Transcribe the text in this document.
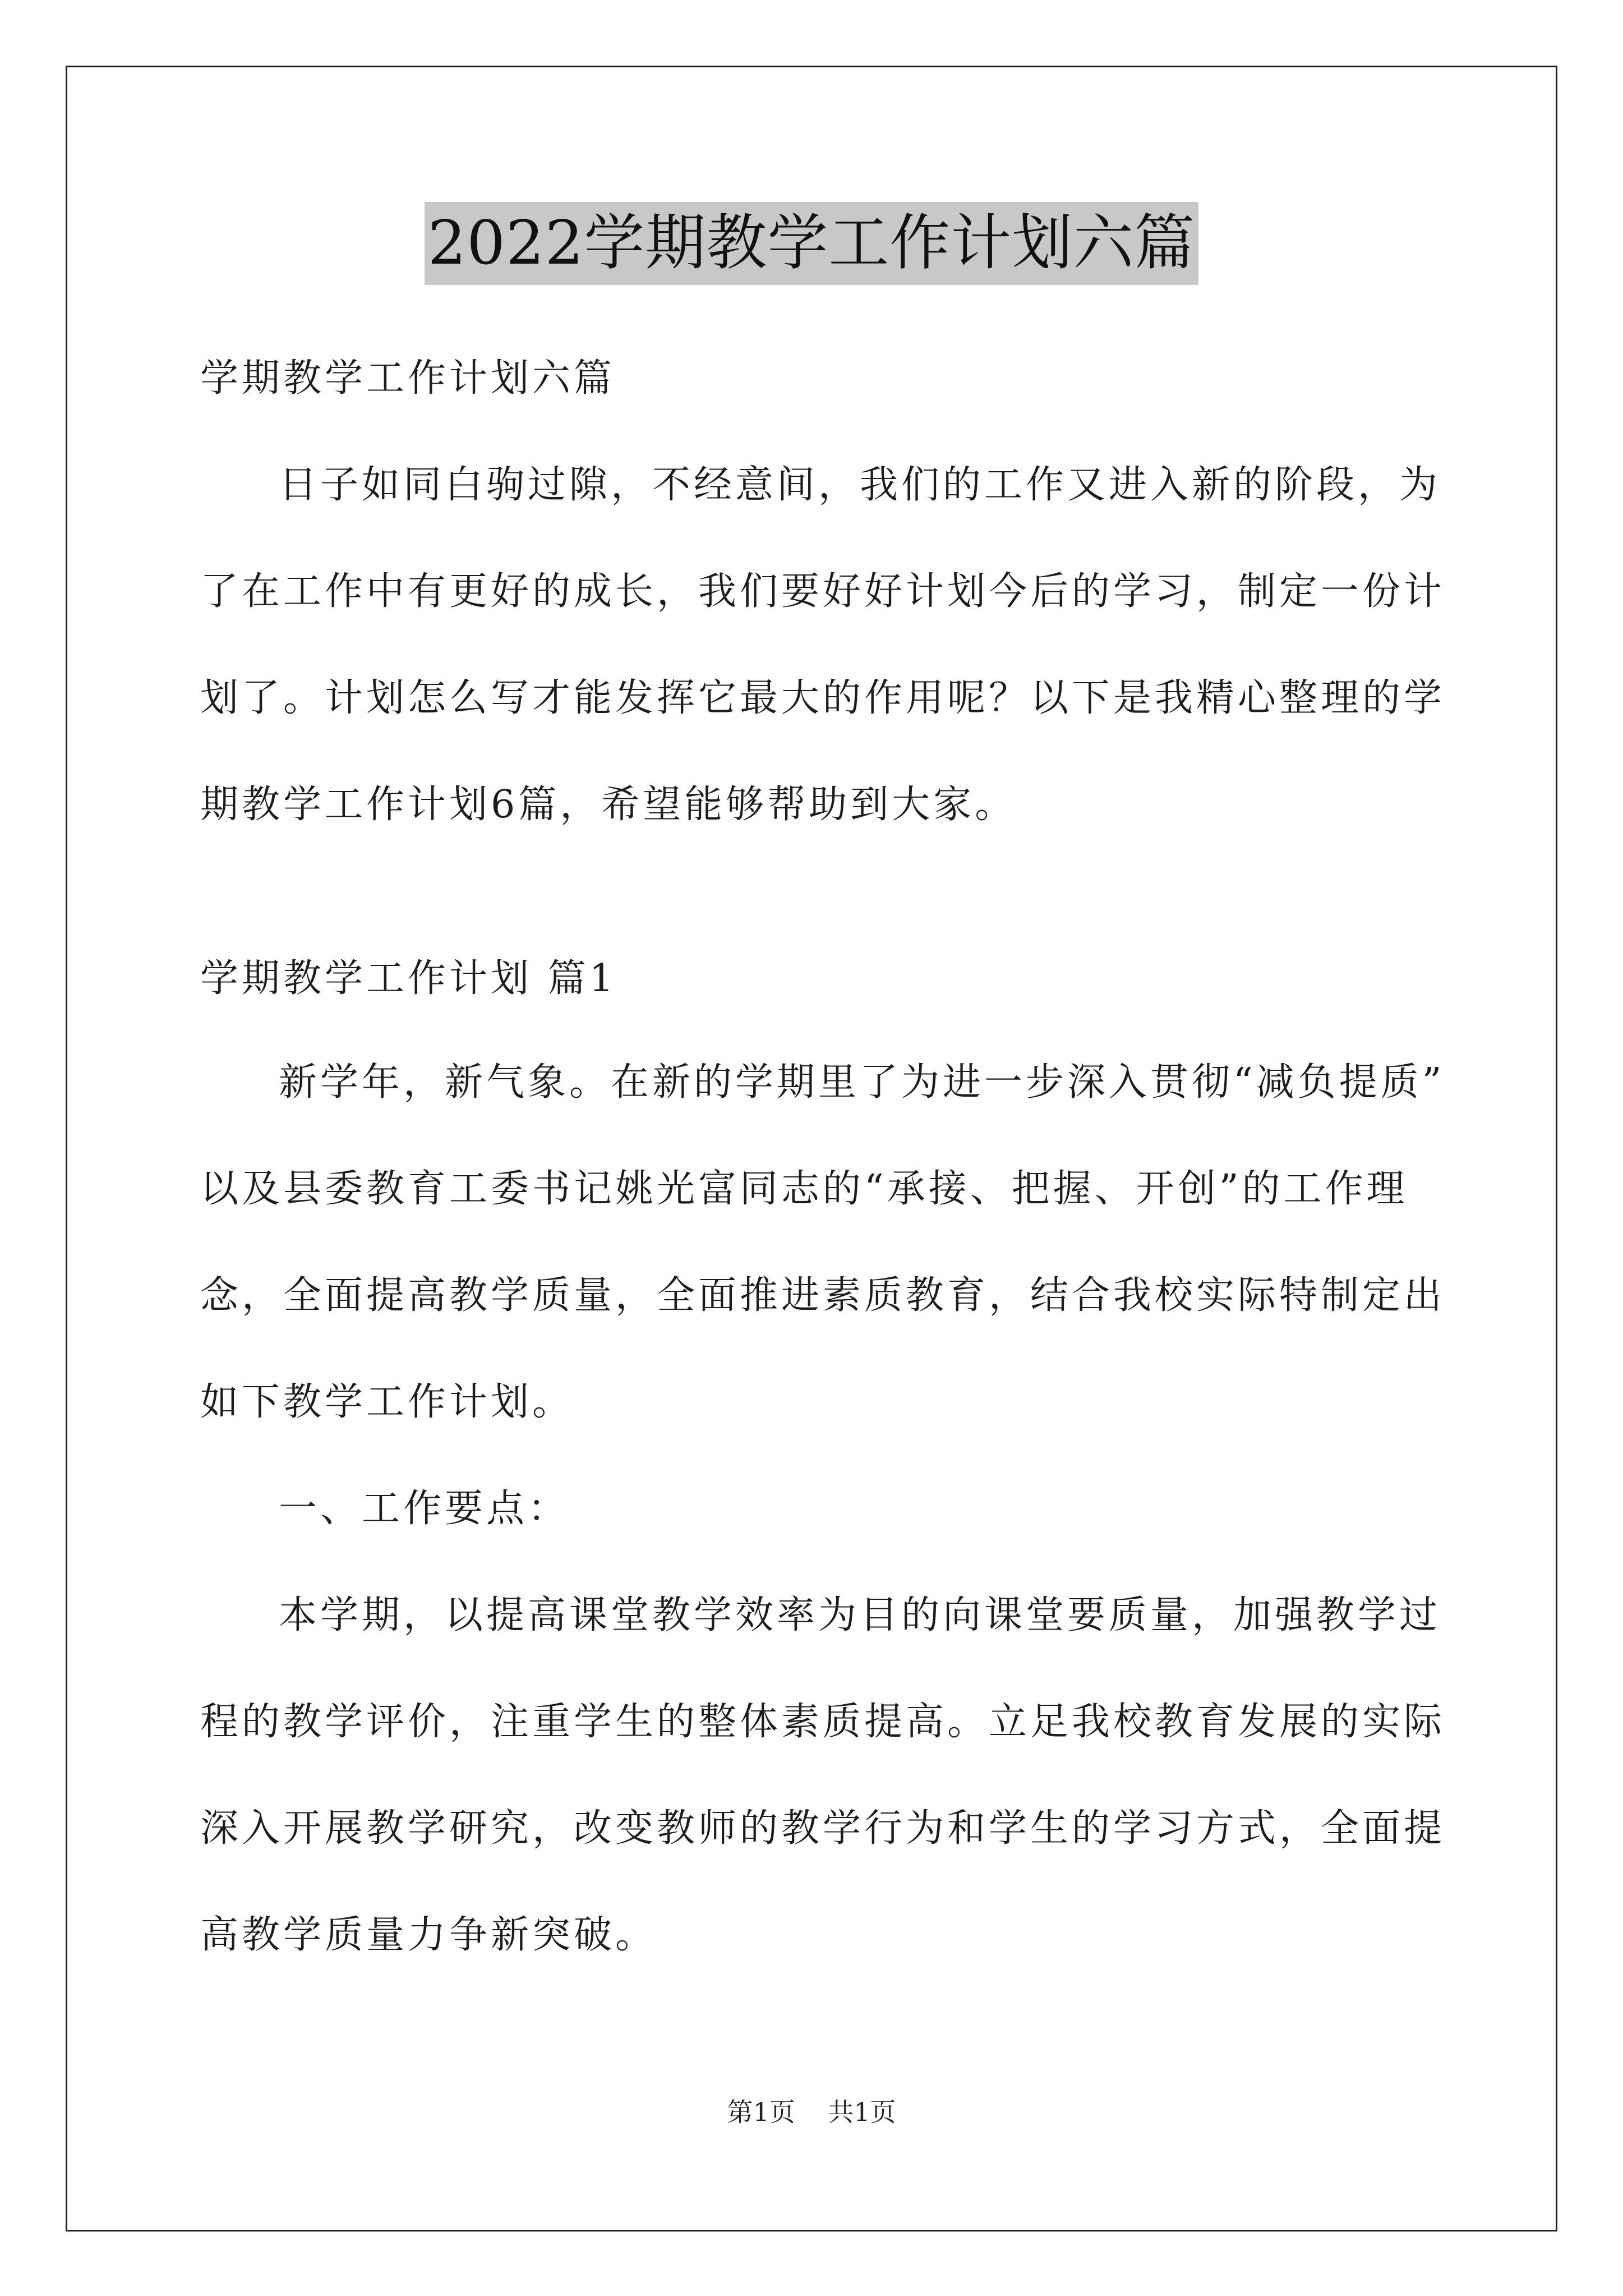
2022学期教学工作计划六篇
学期教学工作计划六篇
日子如同白驹过隙，不经意间，我们的工作又进入新的阶段，为
了在工作中有更好的成长，我们要好好计划今后的学习，制定一份计
划了。计划怎么写才能发挥它最大的作用呢？以下是我精心整理的学
期教学工作计划6篇，希望能够帮助到大家。
学期教学工作计划 篇1
新学年，新气象。在新的学期里了为进一步深入贯彻“减负提质”
以及县委教育工委书记姚光富同志的“承接、把握、开创”的工作理
念，全面提高教学质量，全面推进素质教育，结合我校实际特制定出
如下教学工作计划。
一、工作要点：
本学期，以提高课堂教学效率为目的向课堂要质量，加强教学过
程的教学评价，注重学生的整体素质提高。立足我校教育发展的实际
深入开展教学研究，改变教师的教学行为和学生的学习方式，全面提
高教学质量力争新突破。
第1页    共1页
